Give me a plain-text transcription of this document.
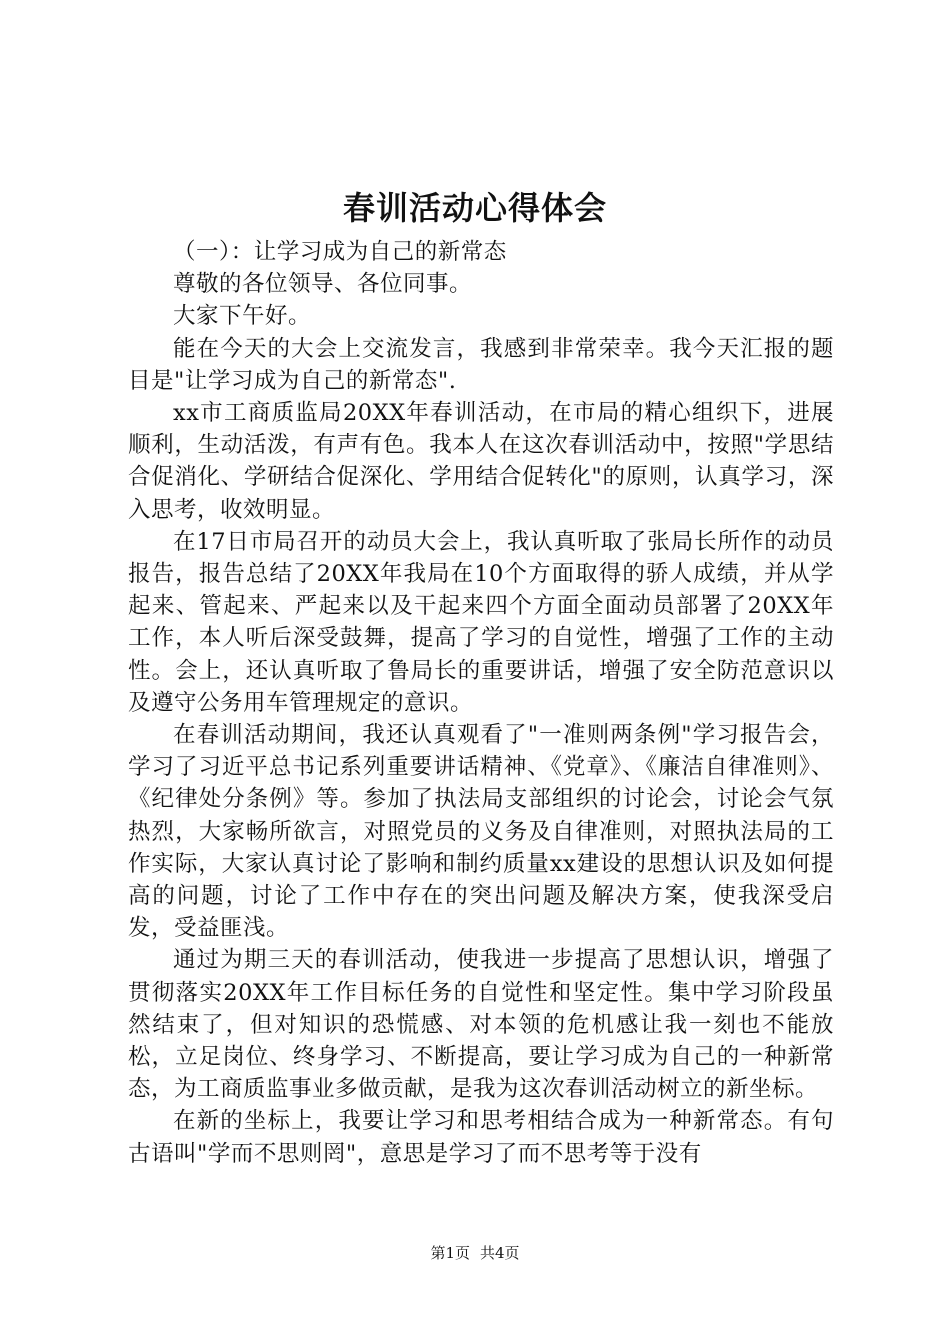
春训活动心得体会

（一）：让学习成为自己的新常态

尊敬的各位领导、各位同事。

大家下午好。

能在今天的大会上交流发言，我感到非常荣幸。我今天汇报的题目是"让学习成为自己的新常态".

xx市工商质监局20XX年春训活动，在市局的精心组织下，进展顺利，生动活泼，有声有色。我本人在这次春训活动中，按照"学思结合促消化、学研结合促深化、学用结合促转化"的原则，认真学习，深入思考，收效明显。

在17日市局召开的动员大会上，我认真听取了张局长所作的动员报告，报告总结了20XX年我局在10个方面取得的骄人成绩，并从学起来、管起来、严起来以及干起来四个方面全面动员部署了20XX年工作，本人听后深受鼓舞，提高了学习的自觉性，增强了工作的主动性。会上，还认真听取了鲁局长的重要讲话，增强了安全防范意识以及遵守公务用车管理规定的意识。

在春训活动期间，我还认真观看了"一准则两条例"学习报告会，学习了习近平总书记系列重要讲话精神、《党章》、《廉洁自律准则》、《纪律处分条例》等。参加了执法局支部组织的讨论会，讨论会气氛热烈，大家畅所欲言，对照党员的义务及自律准则，对照执法局的工作实际，大家认真讨论了影响和制约质量xx建设的思想认识及如何提高的问题，讨论了工作中存在的突出问题及解决方案，使我深受启发，受益匪浅。

通过为期三天的春训活动，使我进一步提高了思想认识，增强了贯彻落实20XX年工作目标任务的自觉性和坚定性。集中学习阶段虽然结束了，但对知识的恐慌感、对本领的危机感让我一刻也不能放松，立足岗位、终身学习、不断提高，要让学习成为自己的一种新常态，为工商质监事业多做贡献，是我为这次春训活动树立的新坐标。

在新的坐标上，我要让学习和思考相结合成为一种新常态。有句古语叫"学而不思则罔"，意思是学习了而不思考等于没有

第1页 共4页
